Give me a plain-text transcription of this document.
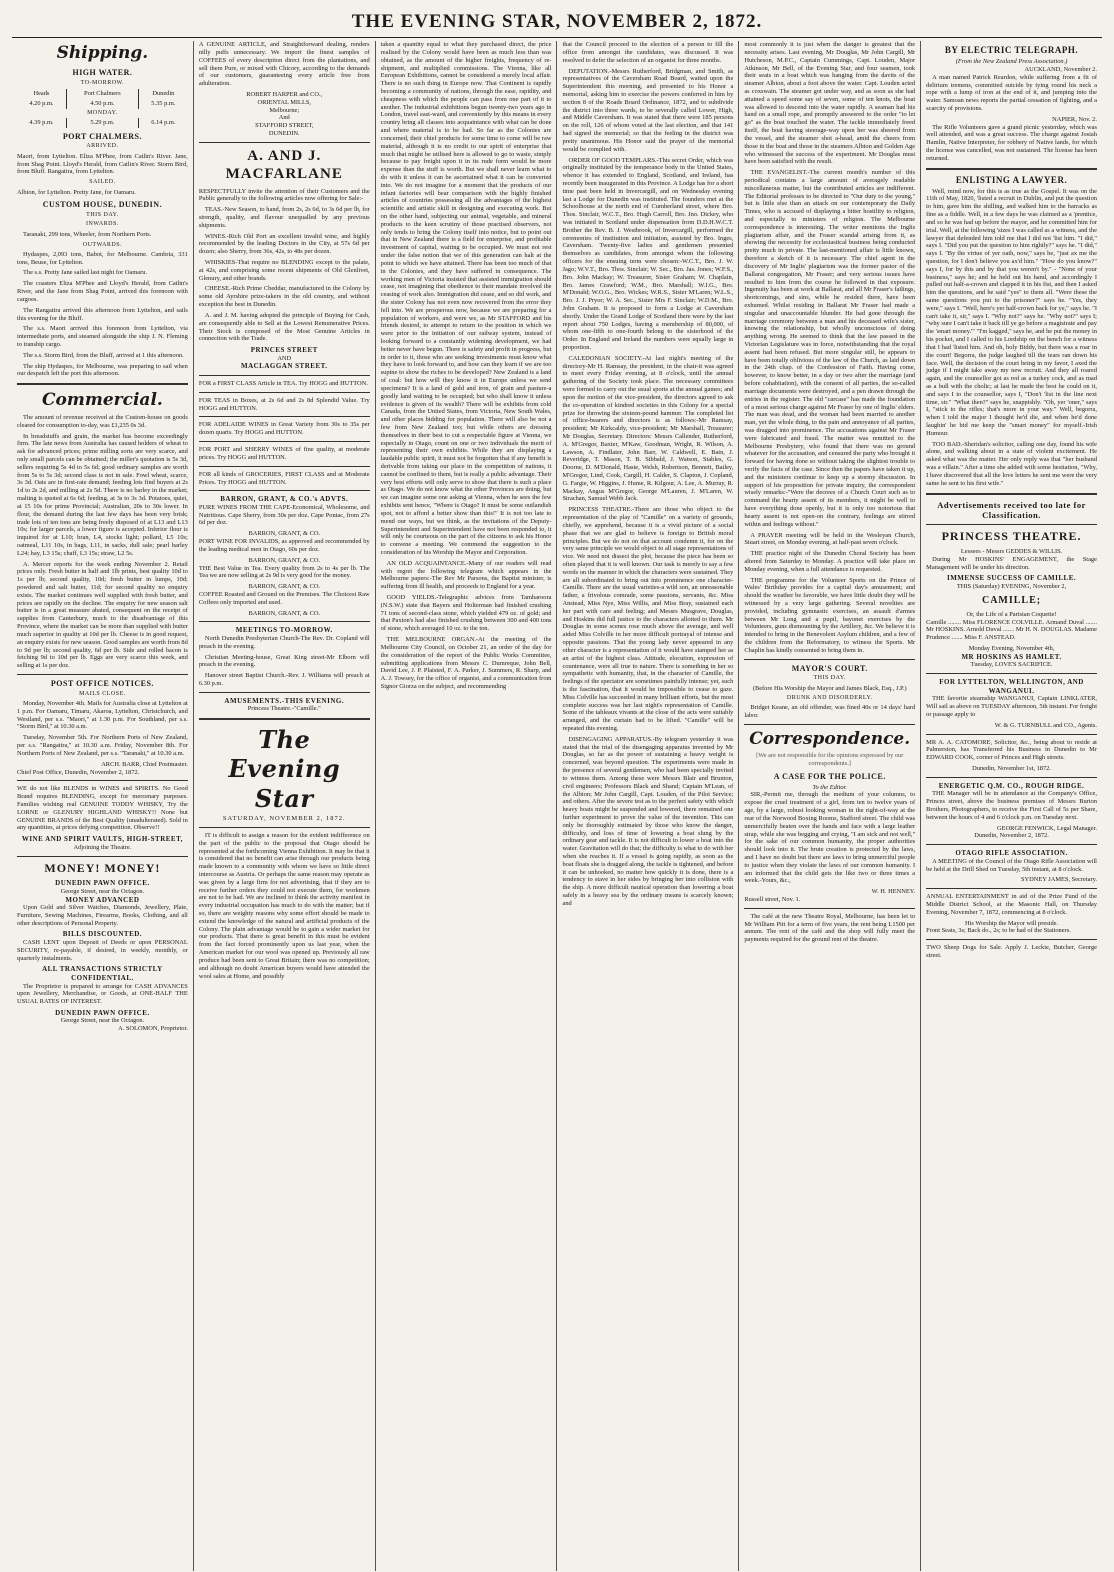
THE EVENING STAR, NOVEMBER 2, 1872.
Shipping.
HIGH WATER.
TO-MORROW.
Heads	Port Chalmers	Dunedin
4.20 p.m.	4.50 p.m.	5.35 p.m.
MONDAY.		
4.39 p.m.	5.29 p.m.	6.14 p.m.
PORT CHALMERS.
ARRIVED.

Maori, from Lyttelton. Eliza M'Phee, from Catlin's River. Jane, from Shag Point. Lloyd's Herald, from Catlin's River. Storm Bird, from Bluff. Rangatira, from Lyttelton.

SAILED.

Albion, for Lyttelton. Pretty Jane, for Oamaru.

CUSTOM HOUSE, DUNEDIN.
THIS DAY.
INWARDS.

Taranaki, 299 tons, Wheeler, from Northern Ports.

OUTWARDS.

Hydaspes, 2,093 tons, Babot, for Melbourne. Cambria, 331 tons, Beuse, for Lyttelton.

The s.s. Pretty Jane sailed last night for Oamaru.

The coasters Eliza M'Phee and Lloyd's Herald, from Catlin's River, and the Jane from Shag Point, arrived this forenoon with cargoes.

The Rangatira arrived this afternoon from Lyttelton, and sails this evening for the Bluff.

The s.s. Maori arrived this forenoon from Lyttelton, via intermediate ports, and steamed alongside the ship J. N. Fleming to tranship cargo.

The s.s. Storm Bird, from the Bluff, arrived at 1 this afternoon.

The ship Hydaspes, for Melbourne, was preparing to sail when our despatch left the port this afternoon.

Commercial.

The amount of revenue received at the Custom-house on goods cleared for consumption to-day, was £1,235 0s 3d.

In breadstuffs and grain, the market has become exceedingly firm. The late news from Australia has caused holders of wheat to ask for advanced prices; prime milling sorts are very scarce, and only small parcels can be obtained; the miller's quotation is 5s 3d, sellers requiring 5s 4d to 5s 6d; good ordinary samples are worth from 5s to 5s 3d; second class is not in sale. Fowl wheat, scarce, 3s 3d. Oats are in first-rate demand; feeding lots find buyers at 2s 1d to 2s 2d, and milling at 2s 5d. There is no barley in the market; malting is quoted at 6s 6d; feeding, at 3s to 3s 3d. Potatoes, quiet, at 15 10s for prime Provincial; Australian, 20s to 30s lower. In flour, the demand during the last few days has been very brisk; trade lots of ten tons are being freely disposed of at L13 and L13 10s; for larger parcels, a lower figure is accepted. Inferior flour is inquired for at L10; bran, L4, stocks light; pollard, L5 10s; oatmeal, L11 10s, in bags, L11, in sacks, dull sale; pearl barley L24; hay, L3 15s; chaff, L3 15s; straw, L2 5s.

A. Mercer reports for the week ending November 2. Retail prices only. Fresh butter in half and 1lb prints, best quality 10d to 1s per lb; second quality, 10d; fresh butter in lumps, 10d; powdered and salt butter, 11d; for second quality no enquiry exists. The market continues well supplied with fresh butter, and prices are rapidly on the decline. The enquiry for new season salt butter is in a great measure abated, consequent on the receipt of supplies from Canterbury, much to the disadvantage of this Province, where the market can be more than supplied with butter much superior in quality at 10d per lb. Cheese is in good request, an enquiry exists for new season. Good samples are worth from 8d to 9d per lb; second quality, 6d per lb. Side and rolled bacon is fetching 9d to 10d per lb. Eggs are very scarce this week, and selling at 1s per doz.

POST OFFICE NOTICES.
MAILS CLOSE.

Monday, November 4th. Mails for Australia close at Lyttelton at 1 p.m. For Oamaru, Timaru, Akaroa, Lyttelton, Christchurch, and Westland, per s.s. "Maori," at 1.30 p.m. For Southland, per s.s. "Storm Bird," at 10.30 a.m.

Tuesday, November 5th. For Northern Ports of New Zealand, per s.s. "Rangatira," at 10.30 a.m. Friday, November 8th. For Northern Ports of New Zealand, per s.s. "Taranaki," at 10.30 a.m.

ARCH. BARR, Chief Postmaster.

Chief Post Office, Dunedin, November 2, 1872.

WE do not like BLENDS in WINES and SPIRITS. No Good Brand requires BLENDING, except for mercenary purposes. Families wishing real GENUINE TODDY WHISKY, Try the LORNE or GLENURY HIGHLAND WHISKY!! None but GENUINE BRANDS of the Best Quality (unadulterated). Sold in any quantities, at prices defying competition. Observe!!

WINE AND SPIRIT VAULTS, HIGH-STREET,
Adjoining the Theatre.
MONEY! MONEY!
DUNEDIN PAWN OFFICE.
George Street, near the Octagon.
MONEY ADVANCED

Upon Gold and Silver Watches, Diamonds, Jewellery, Plate, Furniture, Sewing Machines, Firearms, Books, Clothing, and all other descriptions of Personal Property.

BILLS DISCOUNTED.

CASH LENT upon Deposit of Deeds or upon PERSONAL SECURITY, re-payable, if desired, in weekly, monthly, or quarterly instalments.

ALL TRANSACTIONS STRICTLY CONFIDENTIAL.

The Proprietor is prepared to arrange for CASH ADVANCES upon Jewellery, Merchandise, or Goods, at ONE-HALF THE USUAL RATES OF INTEREST.

DUNEDIN PAWN OFFICE.
George Street, near the Octagon.
A. SOLOMON, Proprietor.

A GENUINE ARTICLE, and Straightforward dealing, renders nilly puffs unnecessary. We import the finest samples of COFFEES of every description direct from the plantations, and sell them Pure, or mixed with Chicory, according to the demands of our customers, guaranteeing every article free from adulteration.

ROBERT HARPER and CO.,
ORIENTAL MILLS,
Melbourne;
And
STAFFORD STREET,
DUNEDIN.
A. AND J. MACFARLANE

RESPECTFULLY invite the attention of their Customers and the Public generally to the following articles now offering for Sale:-

TEAS.-New Season, to hand, from 2s, 2s 6d, to 3s 6d per lb, for strength, quality, and flavour unequalled by any previous shipments.

WINES.-Rich Old Port an excellent invalid wine, and highly recommended by the leading Doctors in the City, at 57s 6d per dozen; also Sherry, from 36s, 42s, to 48s per dozen.

WHISKIES-That require no BLENDING except to the palate, at 42s, and comprising some recent shipments of Old Glenlivet, Glenury, and other brands.

CHEESE.-Rich Prime Cheddar, manufactured in the Colony by some old Ayrshire prize-takers in the old country, and without exception the best in Dunedin.

A. and J. M. having adopted the principle of Buying for Cash, are consequently able to Sell at the Lowest Remunerative Prices. Their Stock is composed of the Most Genuine Articles in connection with the Trade.

PRINCES STREET
AND
MACLAGGAN STREET.

FOR a FIRST CLASS Article in TEA. Try HOGG and HUTTON.

FOR TEAS in Boxes, at 2s 6d and 2s 8d Splendid Value. Try HOGG and HUTTON.

FOR ADELAIDE WINES in Great Variety from 30s to 35s per dozen quarts. Try HOGG and HUTTON.

FOR PORT and SHERRY WINES of fine quality, at moderate prices. Try HOGG and HUTTON.

FOR all kinds of GROCERIES, FIRST CLASS and at Moderate Prices. Try HOGG and HUTTON.

BARRON, GRANT, & CO.'s ADVTS.

PURE WINES FROM THE CAPE-Economical, Wholesome, and Nutritious. Cape Sherry, from 30s per doz. Cape Pontac, from 27s 6d per doz.

BARRON, GRANT, & CO.

PORT WINE FOR INVALIDS, as approved and recommended by the leading medical men in Otago, 60s per doz.

BARRON, GRANT, & CO.

THE Best Value in Tea. Every quality from 2s to 4s per lb. The Tea we are now selling at 2s 9d is very good for the money.

BARRON, GRANT, & CO.

COFFEE Roasted and Ground on the Premises. The Choicest Raw Coffees only imported and used.

BARRON, GRANT, & CO.
MEETINGS TO-MORROW.

North Dunedin Presbyterian Church-The Rev. Dr. Copland will preach in the evening.

Christian Meeting-house, Great King street-Mr Elborn will preach in the evening.

Hanover street Baptist Church.-Rev. J. Williams will preach at 6.30 p.m.

AMUSEMENTS.-THIS EVENING.
Princess Theatre.-"Camille."
The Evening Star
SATURDAY, NOVEMBER 2, 1872.

IT is difficult to assign a reason for the evident indifference on the part of the public to the proposal that Otago should be represented at the forthcoming Vienna Exhibition. It may be that it is considered that no benefit can arise through our products being made known to a community with whom we have so little direct intercourse as Austria. Or perhaps the same reason may operate as was given by a large firm for not advertising, that if they are to receive further orders they could not execute them, for workmen are not to be had. We are inclined to think the activity manifest in every industrial occupation has much to do with the matter; but if so, there are weighty reasons why some effort should be made to extend the knowledge of the natural and artificial products of the Colony. The plain advantage would be to gain a wider market for our products. That there is great benefit in this must be evident from the fact forced prominently upon us last year, when the American market for our wool was opened up. Previously all raw produce had been sent to Great Britain; there was no competition; and although no doubt American buyers would have attended the wool sales at Home, and possibly

taken a quantity equal to what they purchased direct, the price realised by the Colony would have been as much less than was obtained, as the amount of the higher freights, frequency of re-shipment, and multiplied commissions. The Vienna, like all European Exhibitions, cannot be considered a merely local affair. There is no such thing in Europe now. That Continent is rapidly becoming a community of nations, through the ease, rapidity, and cheapness with which the people can pass from one part of it to another. The industrial exhibitions begun twenty-two years ago in London, travel east-ward, and conveniently by this means in every country bring all classes into acquaintance with what can be done and where material is to be had. So far as the Colonies are concerned, their chief products for some time to come will be raw material, although it is no credit to our spirit of enterprise that much that might be utilised here is allowed to go to waste, simply because to pay freight upon it in its rude form would be more expense than the stuff is worth. But we shall never learn what to do with it unless it can be ascertained what it can be converted into. We do not imagine for a moment that the products of our infant factories will bear comparison with the highly finished articles of countries possessing all the advantages of the highest scientific and artistic skill in designing and executing work. But on the other hand, subjecting our animal, vegetable, and mineral products to the keen scrutiny of those practised observers, not only tends to bring the Colony itself into notice, but to point out that in New Zealand there is a field for enterprise, and profitable investment of capital, waiting to be occupied. We must not rest under the false notion that we of this generation can halt at the point to which we have attained. There has been too much of that in the Colonies, and they have suffered in consequence. The working men of Victoria insisted that assisted immigration should cease, not imagining that obedience to their mandate involved the ceasing of work also. Immigration did cease, and so did work, and the sister Colony has not even now recovered from the error they fell into. We are prosperous now, because we are preparing for a population of workers, and were we, as Mr STAFFORD and his friends desired, to attempt to return to the position in which we were prior to the initiation of our railway system, instead of looking forward to a constantly widening development, we had better never have begun. There is safety and profit in progress, but in order to it, those who are seeking investments must know what they have to look forward to, and how can they learn if we are too supine to show the riches to be developed? New Zealand is a land of coal: but how will they know it in Europe unless we send specimens? It is a land of gold and iron, of grain and pasture-a goodly land waiting to be occupied; but who shall know it unless evidence is given of its wealth? There will be exhibits from cold Canada, from the United States, from Victoria, New South Wales, and other places bidding for population. There will also be not a few from New Zealand too; but while others are dressing themselves in their best to cut a respectable figure at Vienna, we especially in Otago, count on one or two individuals the merit of representing their own exhibits. While they are displaying a laudable public spirit, it must not be forgotten that if any benefit is derivable from taking our place in the competition of nations, it cannot be confined to them, but is really a public advantage. Their very best efforts will only serve to show that there is such a place as Otago. We do not know what the other Provinces are doing, but we can imagine some one asking at Vienna, when he sees the few exhibits sent hence, "Where is Otago? It must be some outlandish spot, not to afford a better show than this!" It is not too late to mend our ways, but we think, as the invitations of the Deputy-Superintendent and Superintendent have not been responded to, it will only be courteous on the part of the citizens to ask his Honor to convene a meeting. We commend the suggestion to the consideration of his Worship the Mayor and Corporation.

AN OLD ACQUAINTANCE.-Many of our readers will read with regret the following telegram which appears in the Melbourne papers:-The Rev Mr Parsons, the Baptist minister, is suffering from ill health, and proceeds to England for a year.

GOOD YIELDS.-Telegraphic advices from Tambaroora (N.S.W.) state that Bayers and Holterman had finished crushing 71 tons of second-class stone, which yielded 479 oz. of gold; and that Paxton's had also finished crushing between 300 and 400 tons of stone, which averaged 10 oz. to the ton.

THE MELBOURNE ORGAN.-At the meeting of the Melbourne City Council, on October 21, an order of the day for the consideration of the report of the Public Works Committee, submitting applications from Messrs C. Dumreque, John Bell, David Lee, J. P. Plaisted, F. A. Parker, J. Summers, R. Sharp, and A. J. Towsey, for the office of organist, and a communication from Signor Giorza on the subject, and recommending

that the Council proceed to the election of a person to fill the office from amongst the candidates, was discussed. It was resolved to defer the selection of an organist for three months.

DEPUTATION.-Messrs Rutherford, Bridgman, and Smith, as representatives of the Caversham Road Board, waited upon the Superintendent this morning, and presented to his Honor a memorial, asking him to exercise the powers conferred in him by section 8 of the Roads Board Ordinance, 1872, and to subdivide the district into three wards, to be severally called Lower, High, and Middle Caversham. It was stated that there were 185 persons on the roll, 126 of whom voted at the last election, and that 141 had signed the memorial; so that the feeling in the district was pretty unanimous. His Honor said the prayer of the memorial would be complied with.

ORDER OF GOOD TEMPLARS.-This secret Order, which was originally instituted by the temperance body in the United States, whence it has extended to England, Scotland, and Ireland, has recently been inaugurated in this Province. A Lodge has for a short time past been held in Invercargill, and on Wednesday evening last a Lodge for Dunedin was instituted. The founders met at the Schoolhouse at the north end of Cumberland street, where Bro. Thos. Sinclair, W.C.T., Bro. Hugh Carroll, Bro. Jno. Dickey, who was initiated in Scotland under dispensation from D.D.H.W.C.T. Brother the Rev. B. J. Westbrook, of Invercargill, performed the ceremonies of institution and initiation, assisted by Bro. Inges, Caversham. Twenty-five ladies and gentlemen presented themselves as candidates, from amongst whom the following officers for the ensuing term were chosen:-W.C.T., Bro. J. W. Jago; W.V.T., Bro. Thos. Sinclair; W. Sec., Bro. Jas. Jones; W.F.S., Bro. John Mackay; W. Treasurer, Sister Graham; W. Chaplain, Bro. James Crawford; W.M., Bro. Marshall; W.I.G., Bro. M'Donald; W.O.G., Bro. Wickes; W.R.S., Sister M'Laren; W.L.S., Bro. J. J. Pryor; W. A. Sec., Sister Mrs F. Sinclair; W.D.M., Bro. John Graham. It is proposed to form a Lodge at Caversham shortly. Under the Grand Lodge of Scotland there were by the last report about 750 Lodges, having a membership of 80,000, of whom one-fifth to one-fourth belong to the sisterhood of the Order. In England and Ireland the numbers were equally large in proportion.

CALEDONIAN SOCIETY.-At last night's meeting of the directory-Mr H. Ramsay, the president, in the chair-it was agreed to meet every Friday evening, at 8 o'clock, until the annual gathering of the Society took place. The necessary committees were formed to carry out the usual sports at the annual games; and upon the motion of the vice-president, the directors agreed to ask the co-operation of kindred societies in this Colony for a special prize for throwing the sixteen-pound hammer. The completed list of office-bearers and directors is as follows:-Mr Ramsay, president; Mr Kirkcaldy, vice-president; Mr Marshall, Treasurer; Mr Douglas, Secretary. Directors: Messrs Callender, Rutherford, A. M'Gregor, Baxter, M'Kaw, Goodman, Wright, R. Wilson, A. Lawson, A. Findlater, John Barr, W. Caldwell, E. Bain, J. Reveridge, T. Mason, T. B. Sibbald, J. Watson, Stables, G. Doorne, D. M'Donald, Haste, Welsh, Robertson, Bennett, Bailey, M'Gregor, Lind, Cook, Cargill, H. Calder, S. Clapton, J. Copland, G. Fargie, W. Higgins, J. Hume, R. Kilgour, A. Lee, A. Murray, R. Mackay, Angus M'Gregor, George M'Lauren, J. M'Laren, W. Strachan, Samuel Webb Jack.

PRINCESS THEATRE.-There are those who object to the representation of the play of "Camille" on a variety of grounds, chiefly, we apprehend, because it is a vivid picture of a social phase that we are glad to believe is foreign to British moral principles. But we do not on that account condemn it, for on the very same principle we would object to all stage representations of vice. We need not dissect the plot, because the piece has been so often played that it is well known. Our task is merely to say a few words on the manner in which the characters were sustained. They are all subordinated to bring out into prominence one character-Camille. There are the usual varieties-a wild son, an unreasonable father, a frivolous comrade, some passions, servants, &c. Miss Anstead, Miss Nye, Miss Willis, and Miss Bray, sustained each her part with care and feeling; and Messrs Musgrave, Douglas, and Hoskins did full justice to the characters allotted to them. Mr Douglas in some scenes rose much above the average, and well aided Miss Colville in her more difficult portrayal of intense and opposite passions. That the young lady never appeared in any other character is a representation of it would have stamped her as an artist of the highest class. Attitude, elocution, expression of countenance, were all true to nature. There is something in her so sympathetic with humanity, that, in the character of Camille, the feelings of the spectator are sometimes painfully intense; yet, such is the fascination, that it would be impossible to cease to gaze. Miss Colville has succeeded in many brilliant efforts, but the most complete success was her last night's representation of Camille. Some of the tableaux vivants at the close of the acts were suitably arranged, and the curtain had to be lifted. "Camille" will be repeated this evening.

DISENGAGING APPARATUS.-By telegram yesterday it was stated that the trial of the disengaging apparatus invented by Mr Douglas, so far as the power of sustaining a heavy weight is concerned, was beyond question. The experiments were made in the presence of several gentlemen, who had been specially invited to witness them. Among these were Messrs Blair and Brunton, civil engineers; Professors Black and Shand; Captain M'Lean, of the Albion; Mr John Cargill, Capt. Louden, of the Pilot Service; and others. After the severe test as to the perfect safety with which heavy boats might be suspended and lowered, there remained one further experiment to prove the value of the invention. This can only be thoroughly estimated by those who know the danger, difficulty, and loss of time of lowering a boat slung by the ordinary gear and tackle. It is not difficult to lower a boat into the water. Gravitation will do that; the difficulty is what to do with her when she reaches it. If a vessel is going rapidly, as soon as the boat floats she is dragged along, the tackle is tightened, and before it can be unhooked, no matter how quickly it is done, there is a tendency to stave in her sides by bringing her into collision with the ship. A more difficult nautical operation than lowering a boat safely in a heavy sea by the ordinary means is scarcely known; and

most commonly it is just when the danger is greatest that the necessity arises. Last evening, Mr Douglas, Mr John Cargill, Mr Hutcheson, M.P.C., Captain Cummings, Capt. Louden, Major Atkinson, Mr Bell, of the Evening Star, and four seamen, took their seats in a boat which was hanging from the davits of the steamer Albion, about a foot above the water. Capt. Louden acted as coxswain. The steamer got under way, and as soon as she had attained a speed some say of seven, some of ten knots, the boat was allowed to descend into the water rapidly. A seaman had his hand on a small rope, and promptly answered to the order "to let go" as the boat touched the water. The tackle immediately freed itself, the boat having steerage-way upon her was sheered from the vessel, and the steamer shot a-head, amid the cheers from those in the boat and those in the steamers Albion and Golden Age who witnessed the success of the experiment. Mr Douglas must have been satisfied with the result.

THE EVANGELIST.-The current month's number of this periodical contains a large amount of averagely readable miscellaneous matter, but the contributed articles are indifferent. The Editorial professes to be directed to "Our duty to the young," but is little else than an attack on our contemporary the Daily Times, who is accused of displaying a bitter hostility to religion, and especially to ministers of religion. The Melbourne correspondence is interesting. The writer mentions the Inglis plagiarism affair, and the Fraser scandal arising from it, as showing the necessity for ecclesiastical business being conducted pretty much in private. The last-mentioned affair is little known, therefore a sketch of it is necessary. The chief agent in the discovery of Mr Inglis' plagiarism was the former pastor of the Ballarat congregation, Mr Fraser; and very serious issues have resulted to him from the course he followed in that exposure. Ingenuity has been at work at Ballarat, and all Mr Fraser's failings, shortcomings, and sins, while he resided there, have been exhumed. Whilst residing in Ballarat Mr Fraser had made a singular and unaccountable blunder. He had gone through the marriage ceremony between a man and his deceased wife's sister, knowing the relationship, but wholly unconscious of doing anything wrong. He seemed to think that the law passed in the Victorian Legislature was in force, notwithstanding that the royal assent had been refused. But more singular still, he appears to have been totally oblivious of the law of the Church, as laid down in the 24th chap. of the Confession of Faith. Having come, however, to know better, in a day or two after the marriage (and before cohabitation), with the consent of all parties, the so-called marriage documents were destroyed, and a pen drawn through the entries in the register. The old "carcase" has made the foundation of a most serious charge against Mr Fraser by one of Inglis' elders. The man was dead, and the woman had been married to another man, yet the whole thing, to the pain and annoyance of all parties, was dragged into prominence. The accusations against Mr Fraser were fabricated and fraud. The matter was remitted to the Melbourne Presbytery, who found that there was no ground whatever for the accusation, and censured the party who brought it forward for having done so without taking the slightest trouble to verify the facts of the case. Since then the papers have taken it up, and the ministers continue to keep up a stormy discussion. In support of his proposition for private inquiry, the correspondent wisely remarks:-"Were the decrees of a Church Court such as to command the hearty assent of its members, it might be well to have everything done openly, but it is only too notorious that hearty assent is not open-on the contrary, feelings are stirred within and feelings without."

A PRAYER meeting will be held in the Wesleyan Church, Stuart street, on Monday evening, at half-past seven o'clock.

THE practice night of the Dunedin Choral Society has been altered from Saturday to Monday. A practice will take place on Monday evening, when a full attendance is requested.

THE programme for the Volunteer Sports on the Prince of Wales' Birthday provides for a capital day's amusement; and should the weather be favorable, we have little doubt they will be witnessed by a very large gathering. Several novelties are provided, including gymnastic exercises, an assault d'armes between Mr Long and a pupil, bayonet exercises by the Volunteers, guns dismounting by the Artillery, &c. We believe it is intended to bring in the Benevolent Asylum children, and a few of the children from the Reformatory, to witness the Sports. Mr Chaplin has kindly consented to bring them in.

MAYOR'S COURT.
THIS DAY.
(Before His Worship the Mayor and James Black, Esq., J.P.)
DRUNK AND DISORDERLY.

Bridget Keane, an old offender, was fined 40s or 14 days' hard labor.

Correspondence.

[We are not responsible for the opinions expressed by our correspondents.]

A CASE FOR THE POLICE.
To the Editor.

SIR,-Permit me, through the medium of your columns, to expose the cruel treatment of a girl, from ten to twelve years of age, by a large, robust looking woman in the right-of-way at the rear of the Norwood Boxing Rooms, Stafford street. The child was unmercifully beaten over the hands and face with a large leather strap, while she was begging and crying, "I am sick and not well," for the sake of our common humanity, the proper authorities should look into it. The brute creation is protected by the laws, and I have no doubt but there are laws to bring unmerciful people to justice when they violate the laws of our common humanity. I am informed that the child gets the like two or three times a week.-Yours, &c.,

W. H. HENNEY.

Russell street, Nov. 1.

The café at the new Theatre Royal, Melbourne, has been let to Mr William Pitt for a term of five years, the rent being L1500 per annum. The rent of the café and the shop will fully meet the payments required for the ground rent of the theatre.

BY ELECTRIC TELEGRAPH.
(From the New Zealand Press Association.)
AUCKLAND, November 2.

A man named Patrick Reardon, while suffering from a fit of delirium tremens, committed suicide by tying round his neck a rope with a lump of iron at the end of it, and jumping into the water. Samoan news reports the partial cessation of fighting, and a scarcity of provisions.

NAPIER, Nov. 2.

The Rifle Volunteers gave a grand picnic yesterday, which was well attended, and was a great success. The charge against Josiah Hamlin, Native Interpreter, for robbery of Native lands, for which the license was cancelled, was not sustained. The license has been returned.

ENLISTING A LAWYER.

Well, mind now, for this is as true as the Gospel. It was on the 11th of May, 1820, 'listed a recruit in Dublin, and put the question to him, gave him the shilling, and walked him to the barracks as fine as a fiddle. Well, in a few days he was claimed as a 'prentice, and so he was had up before the mayor, and he committed him for trial. Well, at the following 'sizes I was called as a witness, and the lawyer that defended him told me that I did not 'list him. "I did," says I. "Did you put the question to him rightly?" says he. "I did," says I. "By the virtue of yer oath, now," says he, "just ax me the question, for I don't believe you ax'd him." "How do you know?" says I, for by this and by that you weren't by." - "None of your business," says he; and he held out his hand, and accordingly I pulled out half-a-crown and clapped it in his fist, and then I asked him the questions, and he said "yes" to them all. "Were these the same questions you put to the prisoner?" says he. "Yes, they were," says I. "Well, here's yer half-crown back for ye," says he. "I can't take it, sir," says I. "Why not?" says he. "Why not?" says I; "why sure I can't take it back till ye go before a magistrate and pay the 'smart money.'" "I'm kagged," says he, and he put the money in his pocket, and I called to his Lordship on the bench for a witness that I had 'listed him. And oh, holy Biddy, but there was a roar in the court! Begorra, the judge laughed till the tears ran down his face. Well, the decision of the court being in my favor, I axed the judge if I might take away my new recruit. And they all roared again, and the counsellor got as red as a turkey cock, and as mad as a bull with the cholic; at last he made the best he could on it, and says I to the counsellor, says I, "Don't 'list in the line next time, sir." "What then?" says he, snappishly. "Oh, yer 'oner," says I, "stick to the rifles; that's more in your way." Well, begorra, when I told the major I thought he'd die, and when he'd done laughin' he bid me keep the "smart money" for myself.-Irish Humour.

TOO BAD.-Sheridan's solicitor, calling one day, found his wife alone, and walking about in a state of violent excitement. He asked what was the matter. Her only reply was that "her husband was a villain." After a time she added with some hesitation, "Why, I have discovered that all the love letters he sent me were the very same he sent to his first wife."

Advertisements received too late for Classification.
PRINCESS THEATRE.
Lessees - Messrs GEDDES & WILLIS.

During Mr HOSKINS' ENGAGEMENT, the Stage Management will be under his direction.

IMMENSE SUCCESS OF CAMILLE.
THIS (Saturday) EVENING, November 2,
CAMILLE;
Or, the Life of a Parisian Coquette!

Camille ........ Miss FLORENCE COLVILLE. Armand Duval ....... Mr HOSKINS. Arnold Duval ....... Mr H. N. DOUGLAS. Madame Prudence ....... Miss F. ANSTEAD.

Monday Evening, November 4th,
MR HOSKINS AS HAMLET.
Tuesday, LOVE'S SACRIFICE.
FOR LYTTELTON, WELLINGTON, AND WANGANUI.

THE favorite steamship WANGANUI, Captain LINKLATER, Will sail as above on TUESDAY afternoon, 5th instant. For freight or passage apply to

W. & G. TURNBULL and CO., Agents.

MR A. A. CATOMORE, Solicitor, &c., being about to reside at Palmerston, has Transferred his Business in Dunedin to Mr EDWARD COOK, corner of Princes and High streets.

Dunedin, November 1st, 1872.
ENERGETIC Q.M. CO., ROUGH RIDGE.

THE Manager will be in attendance at the Company's Office, Princes street, above the business premises of Messrs Burton Brothers, Photographers, to receive the First Call of 5s per Share, between the hours of 4 and 6 o'clock p.m. on Tuesday next.

GEORGE FENWICK, Legal Manager.
Dunedin, November 2, 1872.
OTAGO RIFLE ASSOCIATION.

A MEETING of the Council of the Otago Rifle Association will be held at the Drill Shed on Tuesday, 5th instant, at 8 o'clock.

SYDNEY JAMES, Secretary.

ANNUAL ENTERTAINMENT in aid of the Prize Fund of the Middle District School, at the Masonic Hall, on Thursday Evening, November 7, 1872, commencing at 8 o'clock.

His Worship the Mayor will preside.

Front Seats, 3s; Back do., 2s; to be had of the Stationers.

TWO Sheep Dogs for Sale. Apply J. Leckie, Butcher, George street.
